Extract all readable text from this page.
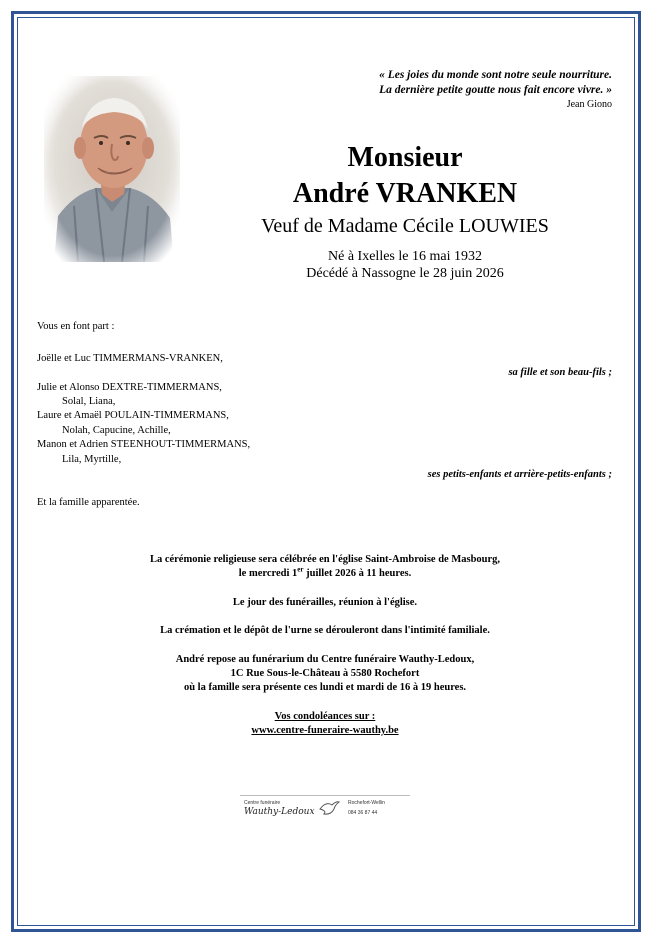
« Les joies du monde sont notre seule nourriture.
La dernière petite goutte nous fait encore vivre. »
Jean Giono
Monsieur
André VRANKEN
Veuf de Madame Cécile LOUWIES
Né à Ixelles le 16 mai 1932
Décédé à Nassogne le 28 juin 2026
Vous en font part :
Joëlle et Luc TIMMERMANS-VRANKEN,
sa fille et son beau-fils ;
Julie et Alonso DEXTRE-TIMMERMANS,
Solal, Liana,
Laure et Amaël POULAIN-TIMMERMANS,
Nolah, Capucine, Achille,
Manon et Adrien STEENHOUT-TIMMERMANS,
Lila, Myrtille,
ses petits-enfants et arrière-petits-enfants ;
Et la famille apparentée.
La cérémonie religieuse sera célébrée en l'église Saint-Ambroise de Masbourg,
le mercredi 1er juillet 2026 à 11 heures.
Le jour des funérailles, réunion à l'église.
La crémation et le dépôt de l'urne se dérouleront dans l'intimité familiale.
André repose au funérarium du Centre funéraire Wauthy-Ledoux,
1C Rue Sous-le-Château à 5580 Rochefort
où la famille sera présente ces lundi et mardi de 16 à 19 heures.
Vos condoléances sur :
www.centre-funeraire-wauthy.be
Centre funéraire
Wauthy-Ledoux
Rochefort-Wellin
084 36 87 44
